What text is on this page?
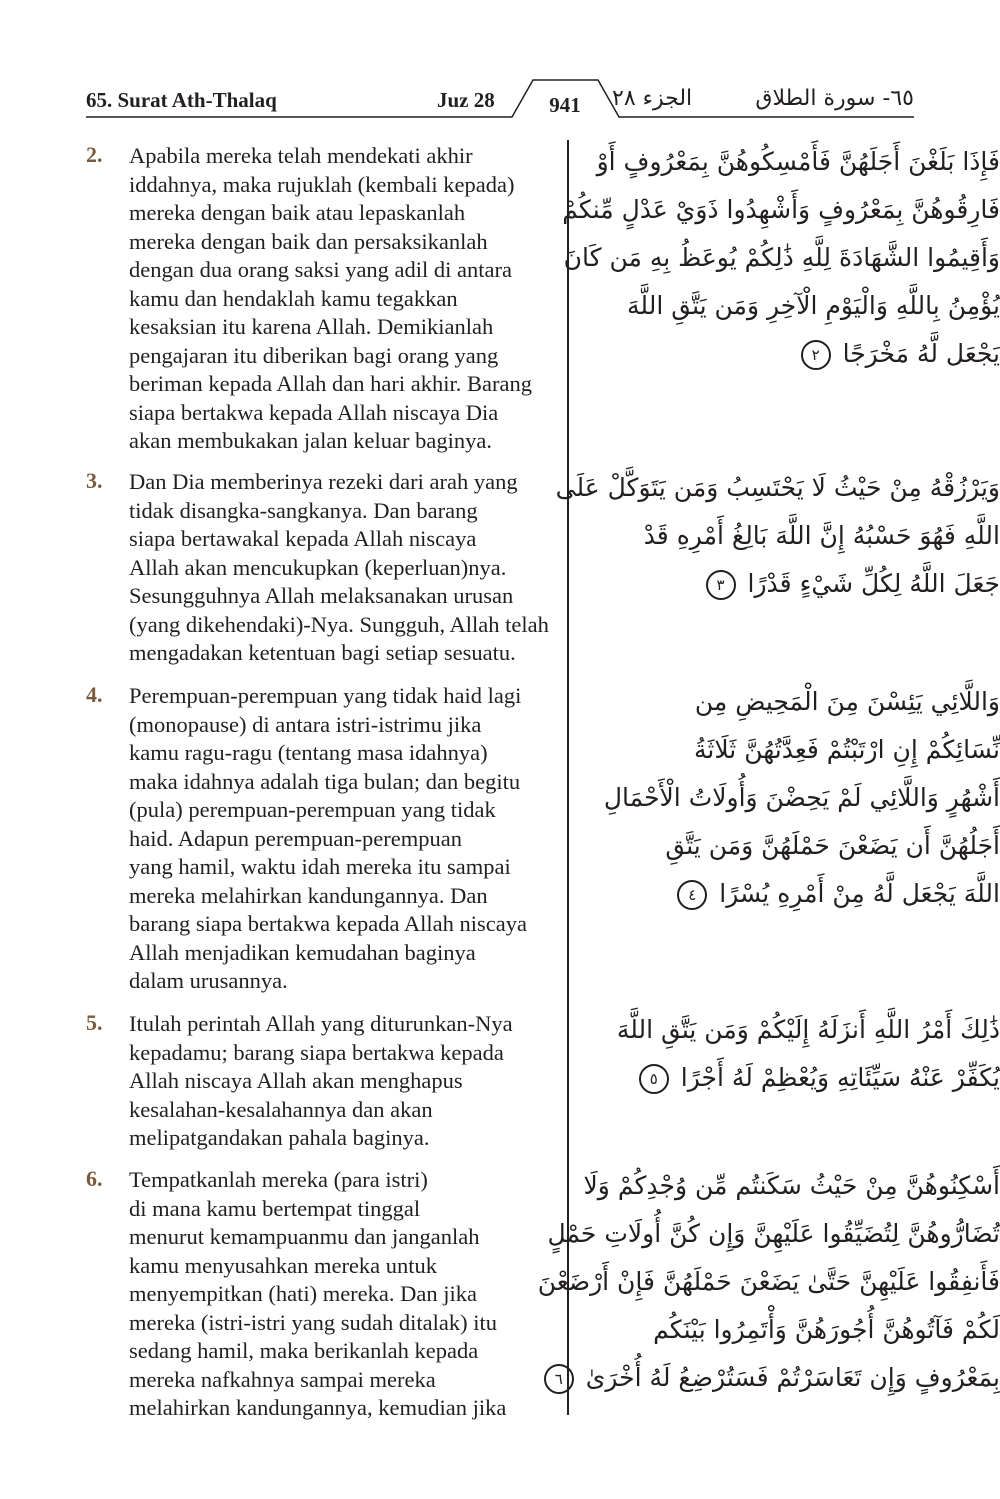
65. Surat Ath-Thalaq	Juz 28	941	الجزء ٢٨	٦٥- سورة الطلاق
2. Apabila mereka telah mendekati akhir
iddahnya, maka rujuklah (kembali kepada)
mereka dengan baik atau lepaskanlah
mereka dengan baik dan persaksikanlah
dengan dua orang saksi yang adil di antara
kamu dan hendaklah kamu tegakkan
kesaksian itu karena Allah. Demikianlah
pengajaran itu diberikan bagi orang yang
beriman kepada Allah dan hari akhir. Barang
siapa bertakwa kepada Allah niscaya Dia
akan membukakan jalan keluar baginya.
فَإِذَا بَلَغْنَ أَجَلَهُنَّ فَأَمْسِكُوهُنَّ بِمَعْرُوفٍ أَوْ
فَارِقُوهُنَّ بِمَعْرُوفٍ وَأَشْهِدُوا ذَوَيْ عَدْلٍ مِّنكُمْ
وَأَقِيمُوا الشَّهَادَةَ لِلَّهِ ذَٰلِكُمْ يُوعَظُ بِهِ مَن كَانَ
يُؤْمِنُ بِاللَّهِ وَالْيَوْمِ الْآخِرِ وَمَن يَتَّقِ اللَّهَ
يَجْعَل لَّهُ مَخْرَجًا ٢
3. Dan Dia memberinya rezeki dari arah yang
tidak disangka-sangkanya. Dan barang
siapa bertawakal kepada Allah niscaya
Allah akan mencukupkan (keperluan)nya.
Sesungguhnya Allah melaksanakan urusan
(yang dikehendaki)-Nya. Sungguh, Allah telah
mengadakan ketentuan bagi setiap sesuatu.
وَيَرْزُقْهُ مِنْ حَيْثُ لَا يَحْتَسِبُ وَمَن يَتَوَكَّلْ عَلَى
اللَّهِ فَهُوَ حَسْبُهُ إِنَّ اللَّهَ بَالِغُ أَمْرِهِ قَدْ
جَعَلَ اللَّهُ لِكُلِّ شَيْءٍ قَدْرًا ٣
4. Perempuan-perempuan yang tidak haid lagi
(monopause) di antara istri-istrimu jika
kamu ragu-ragu (tentang masa idahnya)
maka idahnya adalah tiga bulan; dan begitu
(pula) perempuan-perempuan yang tidak
haid. Adapun perempuan-perempuan
yang hamil, waktu idah mereka itu sampai
mereka melahirkan kandungannya. Dan
barang siapa bertakwa kepada Allah niscaya
Allah menjadikan kemudahan baginya
dalam urusannya.
وَاللَّائِي يَئِسْنَ مِنَ الْمَحِيضِ مِن
نِّسَائِكُمْ إِنِ ارْتَبْتُمْ فَعِدَّتُهُنَّ ثَلَاثَةُ
أَشْهُرٍ وَاللَّائِي لَمْ يَحِضْنَ وَأُولَاتُ الْأَحْمَالِ
أَجَلُهُنَّ أَن يَضَعْنَ حَمْلَهُنَّ وَمَن يَتَّقِ
اللَّهَ يَجْعَل لَّهُ مِنْ أَمْرِهِ يُسْرًا ٤
5. Itulah perintah Allah yang diturunkan-Nya
kepadamu; barang siapa bertakwa kepada
Allah niscaya Allah akan menghapus
kesalahan-kesalahannya dan akan
melipatgandakan pahala baginya.
ذَٰلِكَ أَمْرُ اللَّهِ أَنزَلَهُ إِلَيْكُمْ وَمَن يَتَّقِ اللَّهَ
يُكَفِّرْ عَنْهُ سَيِّئَاتِهِ وَيُعْظِمْ لَهُ أَجْرًا ٥
6. Tempatkanlah mereka (para istri)
di mana kamu bertempat tinggal
menurut kemampuanmu dan janganlah
kamu menyusahkan mereka untuk
menyempitkan (hati) mereka. Dan jika
mereka (istri-istri yang sudah ditalak) itu
sedang hamil, maka berikanlah kepada
mereka nafkahnya sampai mereka
melahirkan kandungannya, kemudian jika
أَسْكِنُوهُنَّ مِنْ حَيْثُ سَكَنتُم مِّن وُجْدِكُمْ وَلَا
تُضَارُّوهُنَّ لِتُضَيِّقُوا عَلَيْهِنَّ وَإِن كُنَّ أُولَاتِ حَمْلٍ
فَأَنفِقُوا عَلَيْهِنَّ حَتَّىٰ يَضَعْنَ حَمْلَهُنَّ فَإِنْ أَرْضَعْنَ
لَكُمْ فَآتُوهُنَّ أُجُورَهُنَّ وَأْتَمِرُوا بَيْنَكُم
بِمَعْرُوفٍ وَإِن تَعَاسَرْتُمْ فَسَتُرْضِعُ لَهُ أُخْرَىٰ ٦
